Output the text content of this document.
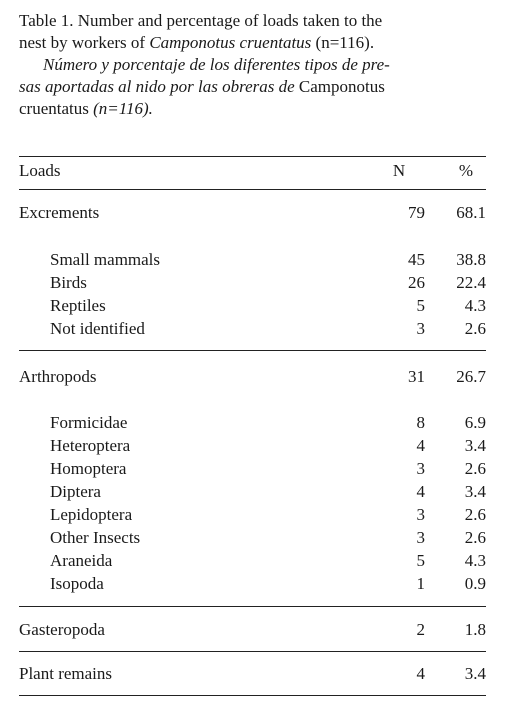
Table 1. Number and percentage of loads taken to the
nest by workers of Camponotus cruentatus (n=116).
Número y porcentaje de los diferentes tipos de pre-
sas aportadas al nido por las obreras de Camponotus
cruentatus (n=116).
Loads	N	%
Excrements	79	68.1
Small mammals	45	38.8
Birds	26	22.4
Reptiles	5	4.3
Not identified	3	2.6
Arthropods	31	26.7
Formicidae	8	6.9
Heteroptera	4	3.4
Homoptera	3	2.6
Diptera	4	3.4
Lepidoptera	3	2.6
Other Insects	3	2.6
Araneida	5	4.3
Isopoda	1	0.9
Gasteropoda	2	1.8
Plant remains	4	3.4
